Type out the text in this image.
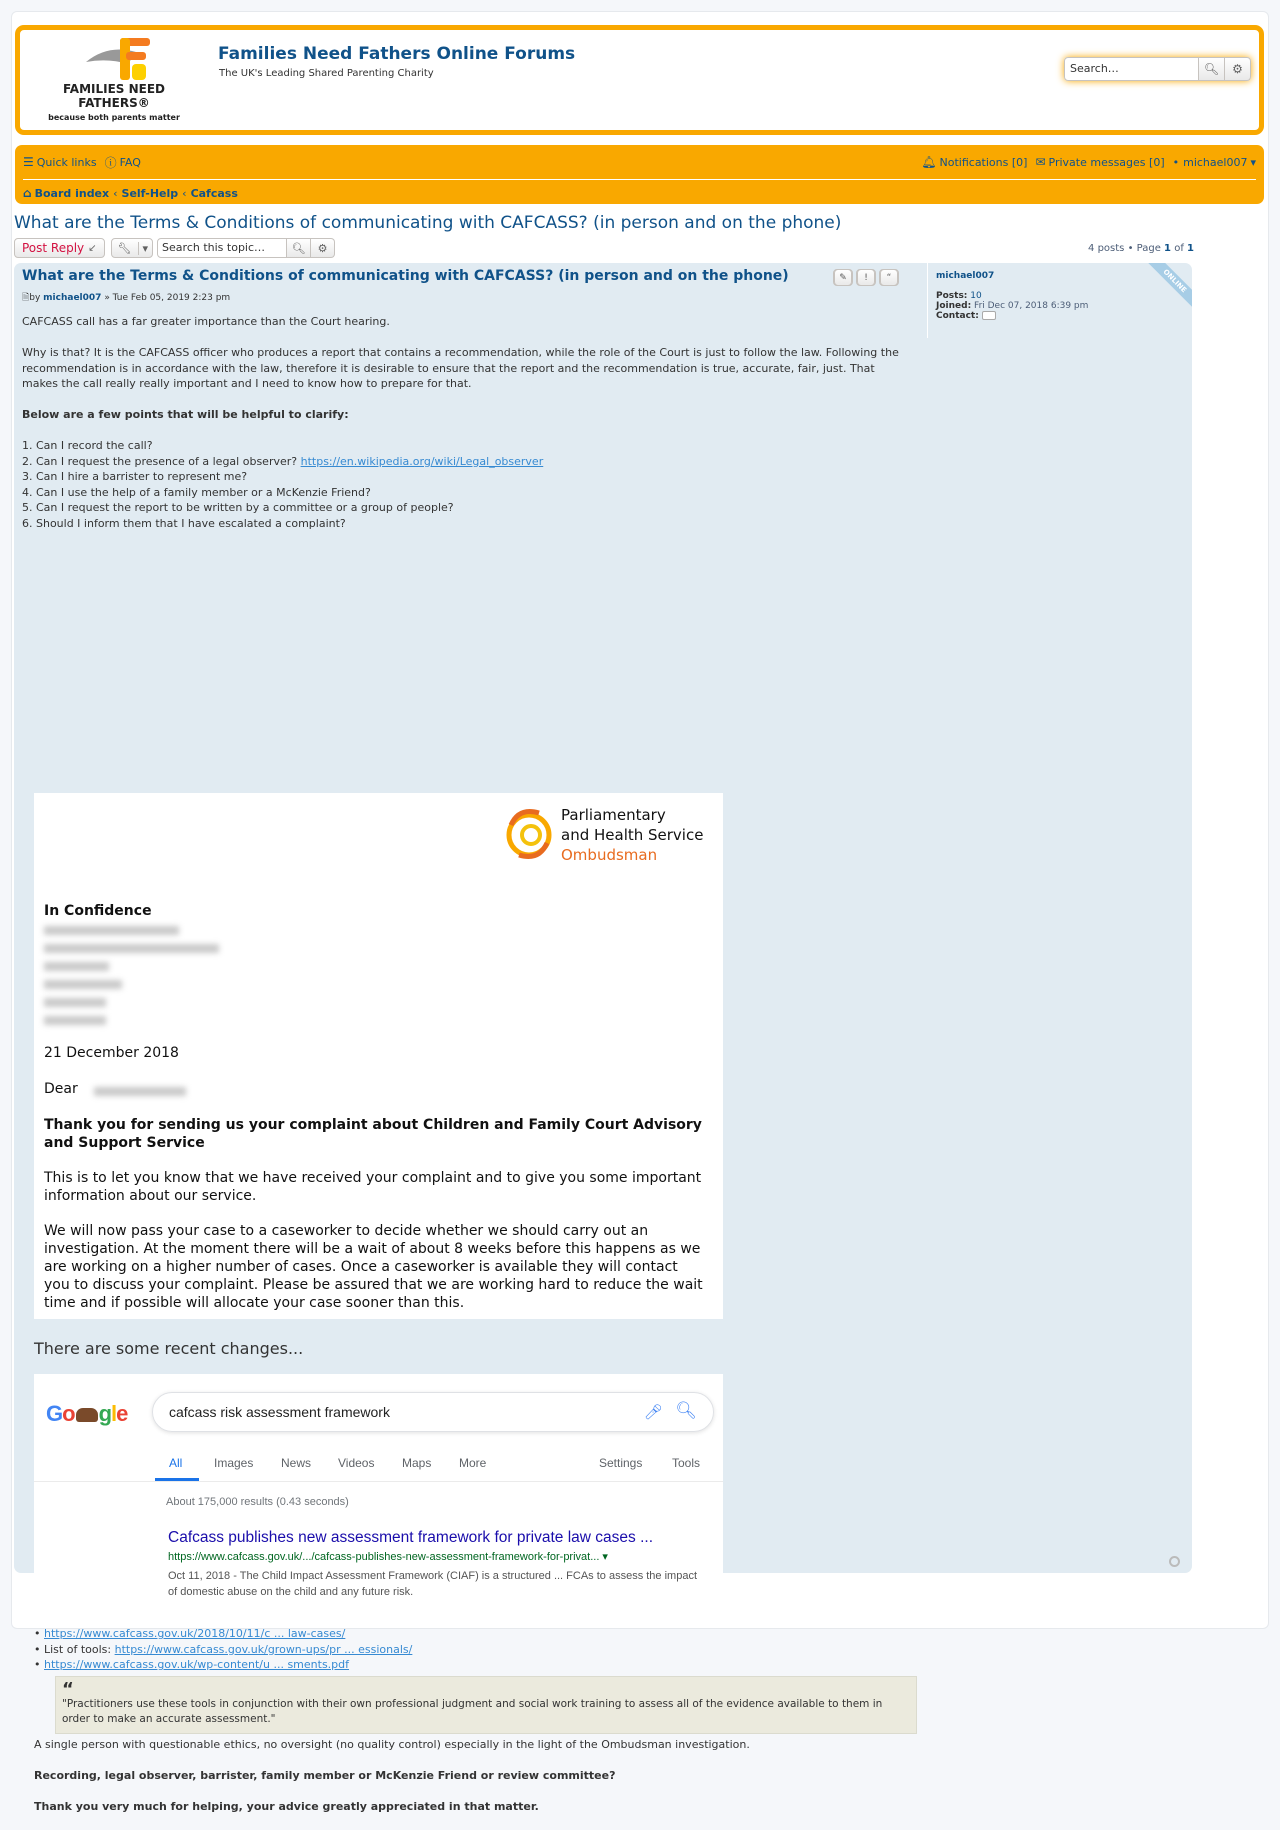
FAMILIES NEED
FATHERS®
because both parents matter
Families Need Fathers Online Forums
The UK's Leading Shared Parenting Charity	Search…	🔍︎ ⚙
☰ Quick links ⓘ FAQ	🔔︎ Notifications [0] ✉ Private messages [0] • michael007 ▾
⌂ Board index ‹ Self-Help ‹ Cafcass
What are the Terms & Conditions of communicating with CAFCASS? (in person and on the phone)
Post Reply ↙	🔧︎	▾	Search this topic…	🔍︎ ⚙	4 posts • Page 1 of 1
What are the Terms & Conditions of communicating with CAFCASS? (in person and on the phone)
🗎︎by michael007 » Tue Feb 05, 2019 2:23 pm

CAFCASS call has a far greater importance than the Court hearing.

Why is that? It is the CAFCASS officer who produces a report that contains a recommendation, while the role of the Court is just to follow the law. Following the recommendation is in accordance with the law, therefore it is desirable to ensure that the report and the recommendation is true, accurate, fair, just. That makes the call really really important and I need to know how to prepare for that.

Below are a few points that will be helpful to clarify:

1. Can I record the call?
2. Can I request the presence of a legal observer? https://en.wikipedia.org/wiki/Legal_observer
3. Can I hire a barrister to represent me?
4. Can I use the help of a family member or a McKenzie Friend?
5. Can I request the report to be written by a committee or a group of people?
6. Should I inform them that I have escalated a complaint?
✎	!	“	michael007
Posts: 10
Joined: Fri Dec 07, 2018 6:39 pm
Contact:
ONLINE
Parliamentary
and Health Service
Ombudsman
In Confidence
21 December 2018
Dear
Thank you for sending us your complaint about Children and Family Court Advisory and Support Service
This is to let you know that we have received your complaint and to give you some important information about our service.
We will now pass your case to a caseworker to decide whether we should carry out an investigation. At the moment there will be a wait of about 8 weeks before this happens as we are working on a higher number of cases. Once a caseworker is available they will contact you to discuss your complaint. Please be assured that we are working hard to reduce the wait time and if possible will allocate your case sooner than this.
There are some recent changes...
Go gle	cafcass risk assessment framework	🎤︎ 🔍︎
All	Images News Videos Maps More	Settings Tools
About 175,000 results (0.43 seconds)
Cafcass publishes new assessment framework for private law cases ...
https://www.cafcass.gov.uk/.../cafcass-publishes-new-assessment-framework-for-privat... ▾
Oct 11, 2018 - The Child Impact Assessment Framework (CIAF) is a structured ... FCAs to assess the impact of domestic abuse on the child and any future risk.
• https://www.cafcass.gov.uk/2018/10/11/c ... law-cases/
• List of tools: https://www.cafcass.gov.uk/grown-ups/pr ... essionals/
• https://www.cafcass.gov.uk/wp-content/u ... sments.pdf
“
"Practitioners use these tools in conjunction with their own professional judgment and social work training to assess all of the evidence available to them in order to make an accurate assessment."

A single person with questionable ethics, no oversight (no quality control) especially in the light of the Ombudsman investigation.

Recording, legal observer, barrister, family member or McKenzie Friend or review committee?

Thank you very much for helping, your advice greatly appreciated in that matter.
